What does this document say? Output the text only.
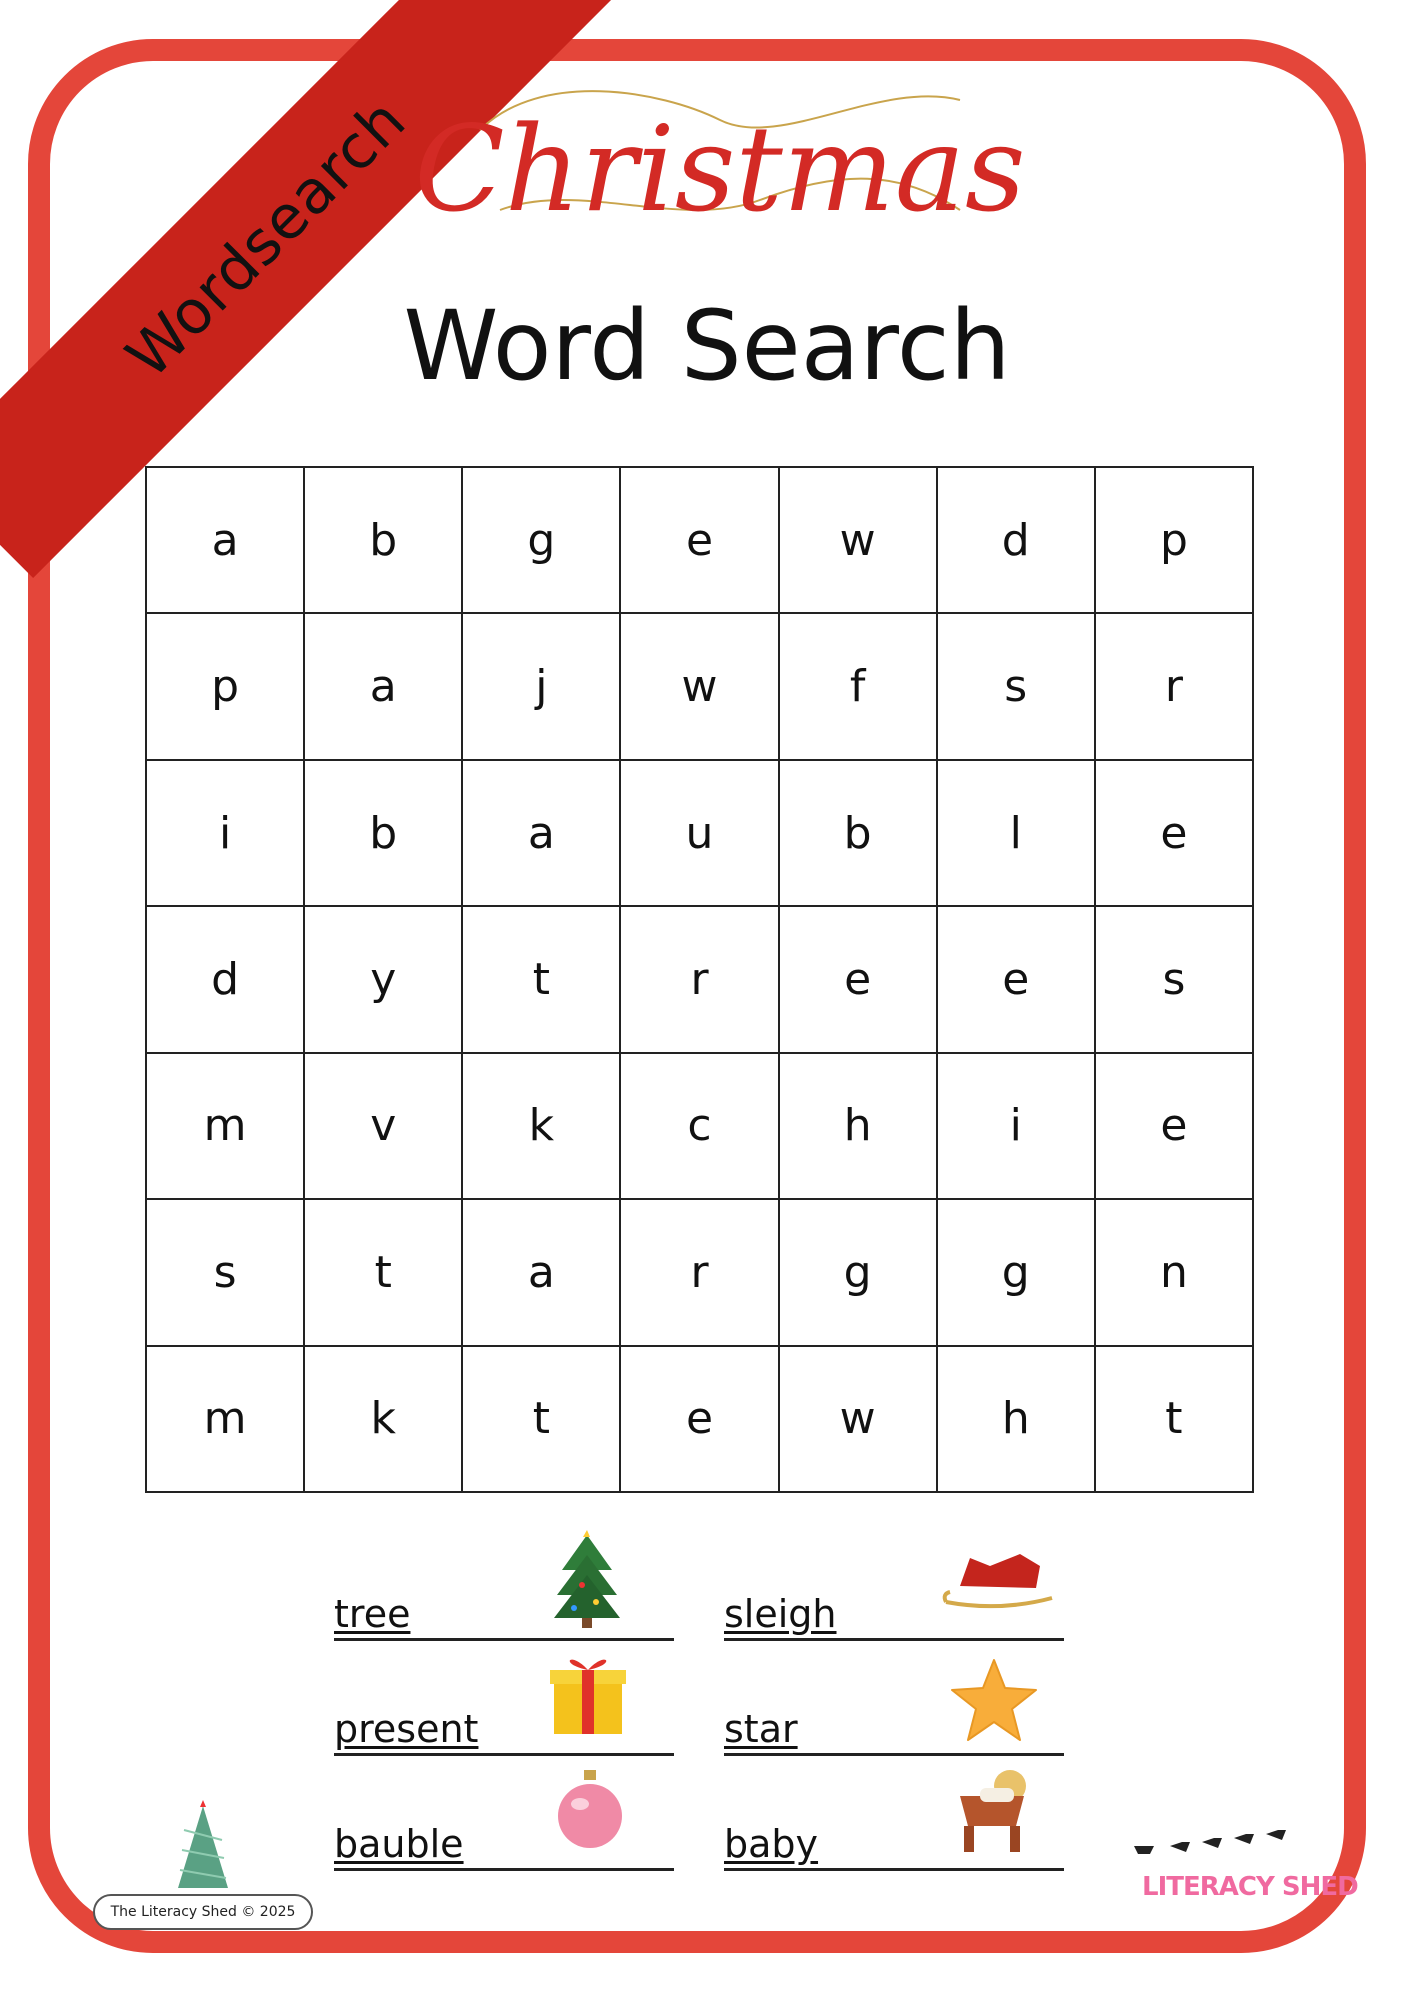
Wordsearch
Christmas
Word Search
a	b	g	e	w	d	p
p	a	j	w	f	s	r
i	b	a	u	b	l	e
d	y	t	r	e	e	s
m	v	k	c	h	i	e
s	t	a	r	g	g	n
m	k	t	e	w	h	t
tree	sleigh
present	star
bauble	baby
The Literacy Shed © 2025
LITERACY SHED
